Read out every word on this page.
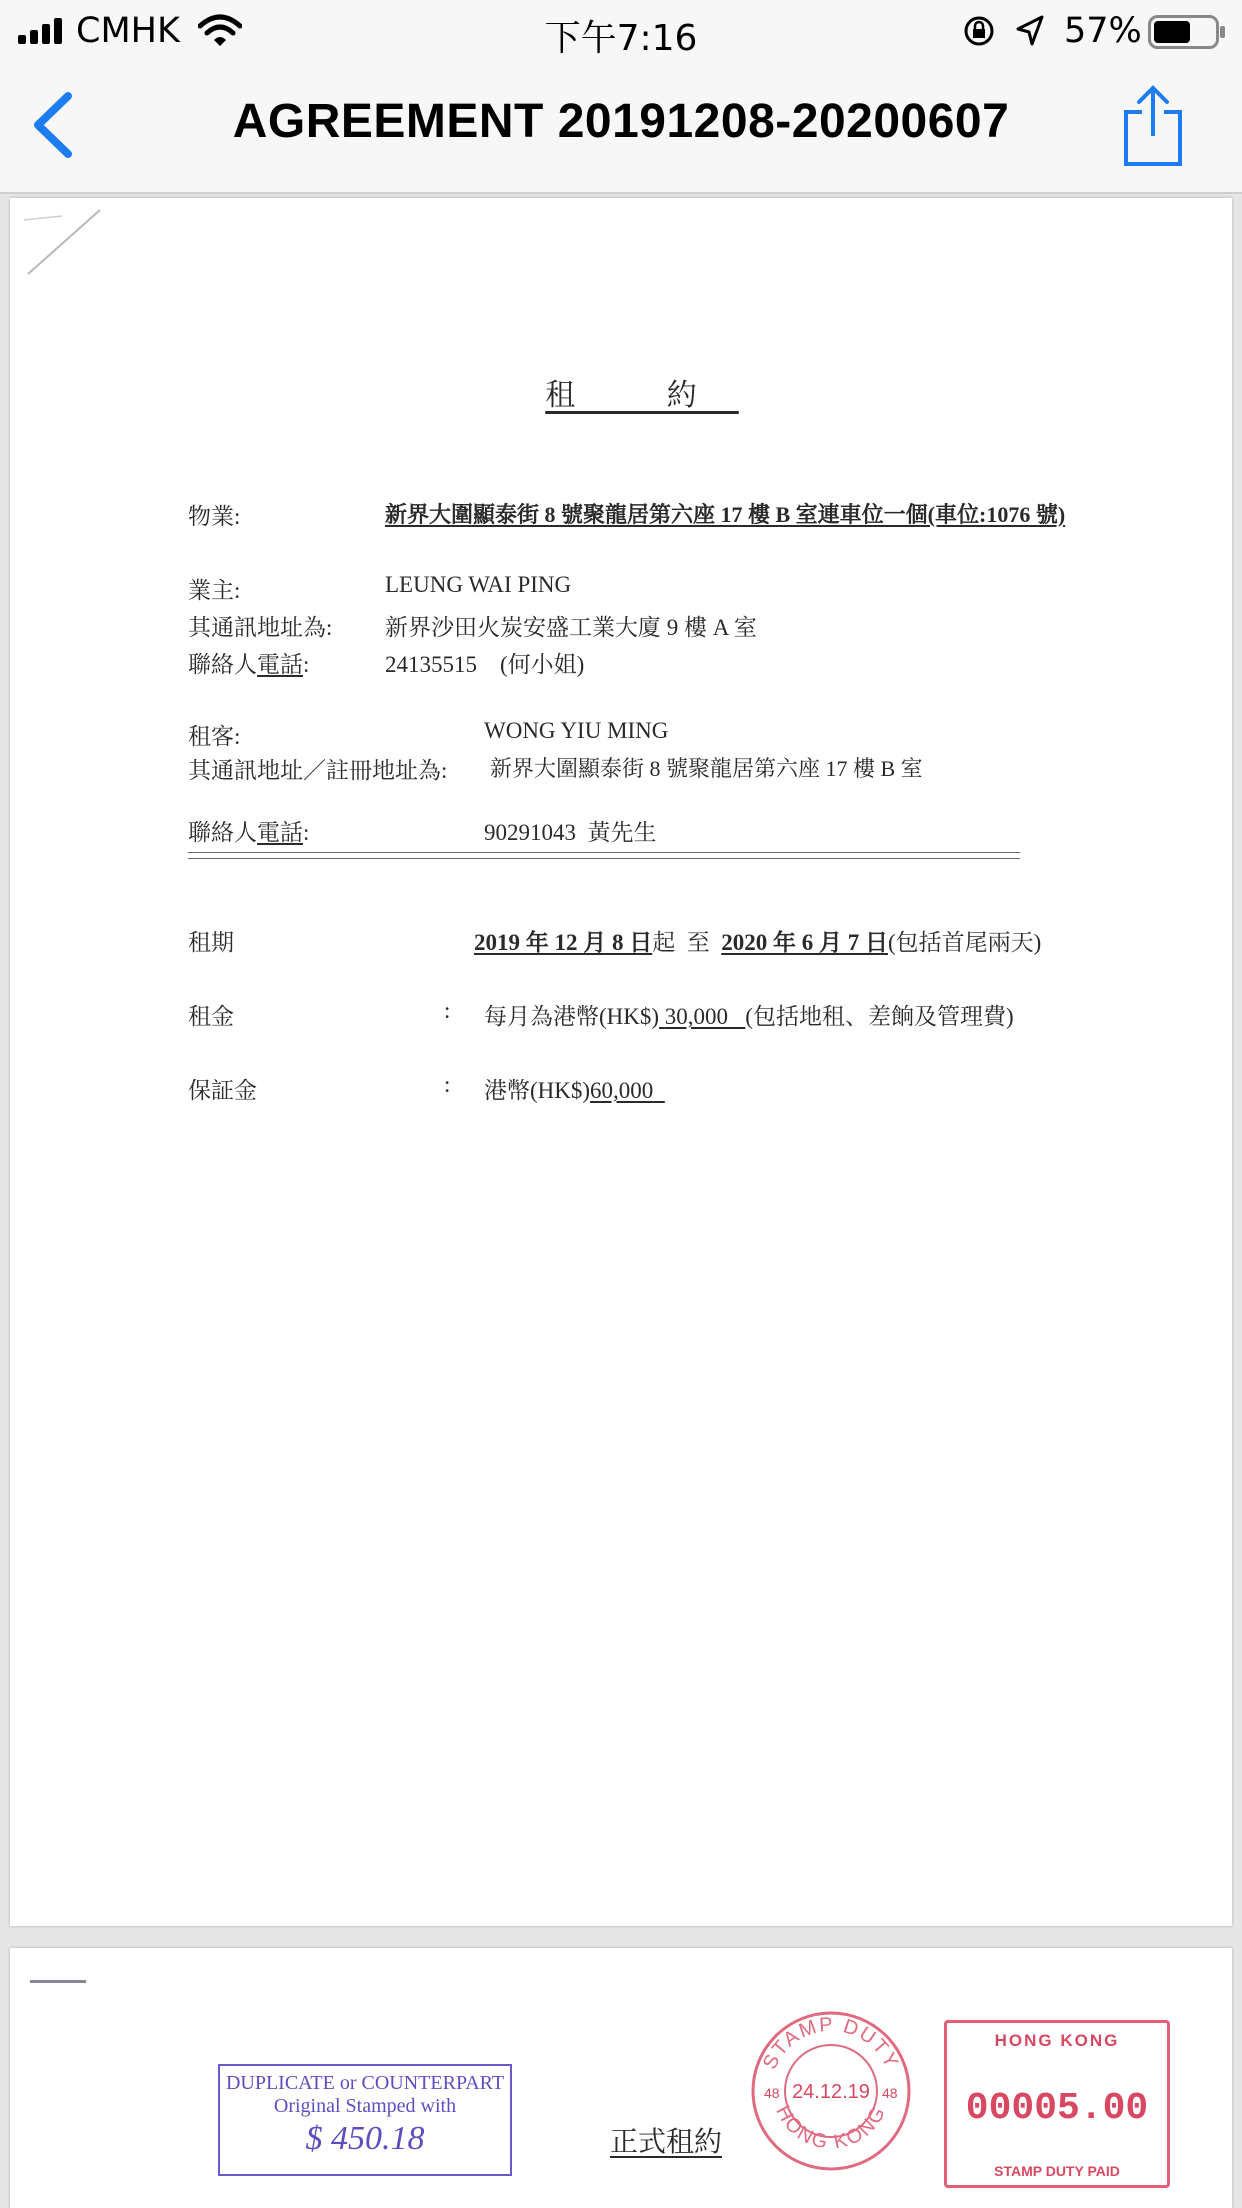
CMHK	下午7:16	57%
AGREEMENT 20191208-20200607
租 約
物業:	新界大圍顯泰街 8 號聚龍居第六座 17 樓 B 室連車位一個(車位:1076 號)
業主:	LEUNG WAI PING
其通訊地址為: 新界沙田火炭安盛工業大廈 9 樓 A 室
聯絡人電話:	24135515 (何小姐)
租客:	WONG YIU MING
其通訊地址／註冊地址為: 新界大圍顯泰街 8 號聚龍居第六座 17 樓 B 室
聯絡人電話:	90291043 黃先生
租期	2019 年 12 月 8 日起 至 2020 年 6 月 7 日(包括首尾兩天)
租金	: 每月為港幣(HK$) 30,000 (包括地租、差餉及管理費)
保証金	: 港幣(HK$)60,000
DUPLICATE or COUNTERPART
Original Stamped with
$ 450.18	正式租約
STAMP DUTY
HONG KONG
24.12.19
48	48
HONG KONG
00005.00
STAMP DUTY PAID
